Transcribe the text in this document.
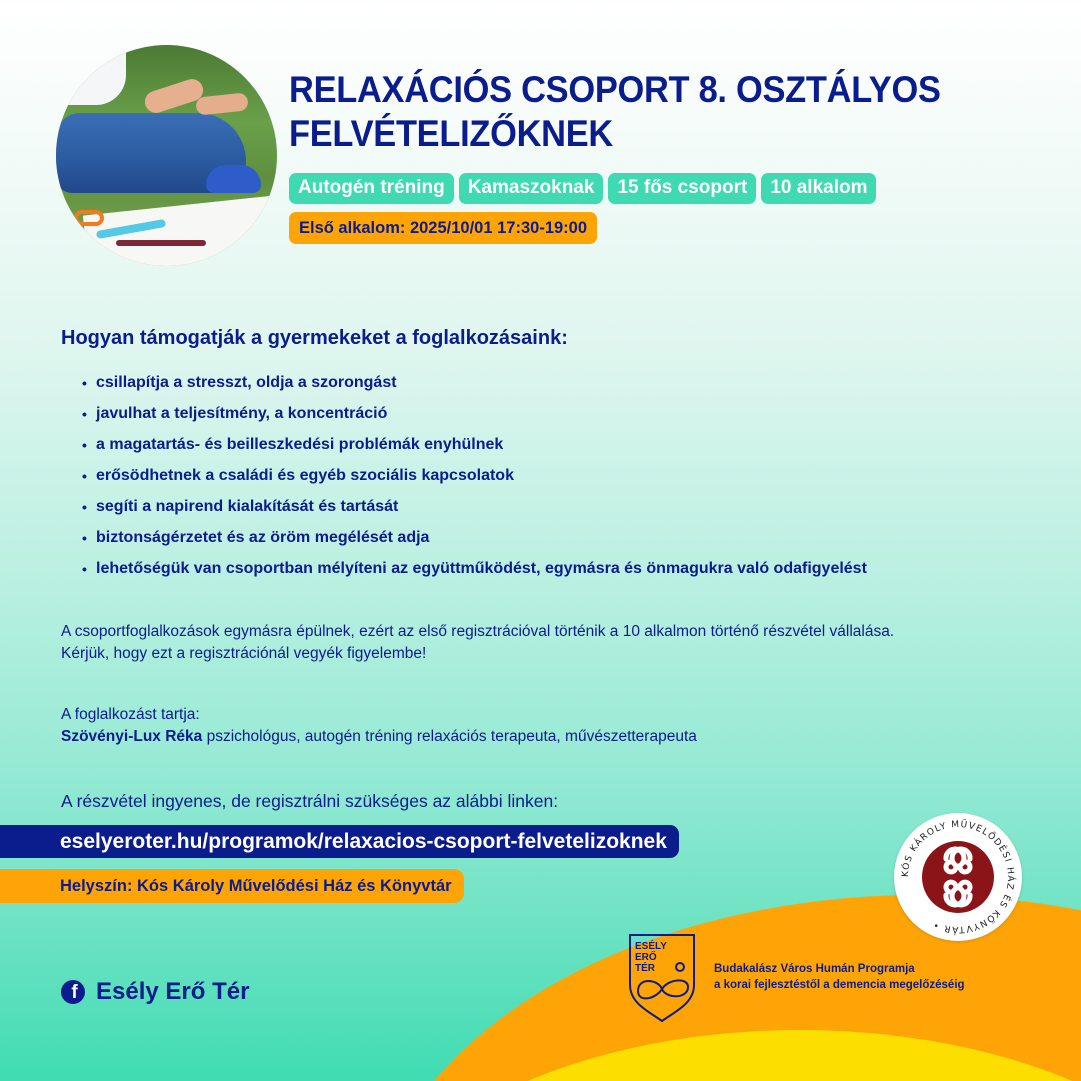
RELAXÁCIÓS CSOPORT 8. OSZTÁLYOS
FELVÉTELIZŐKNEK
Autogén tréning	Kamaszoknak	15 fős csoport	10 alkalom
Első alkalom: 2025/10/01 17:30-19:00
Hogyan támogatják a gyermekeket a foglalkozásaink:
• csillapítja a stresszt, oldja a szorongást
• javulhat a teljesítmény, a koncentráció
• a magatartás- és beilleszkedési problémák enyhülnek
• erősödhetnek a családi és egyéb szociális kapcsolatok
• segíti a napirend kialakítását és tartását
• biztonságérzetet és az öröm megélését adja
• lehetőségük van csoportban mélyíteni az együttműködést, egymásra és önmagukra való odafigyelést
A csoportfoglalkozások egymásra épülnek, ezért az első regisztrációval történik a 10 alkalmon történő részvétel vállalása.
Kérjük, hogy ezt a regisztrációnál vegyék figyelembe!
A foglalkozást tartja:
Szövényi-Lux Réka pszichológus, autogén tréning relaxációs terapeuta, művészetterapeuta
A részvétel ingyenes, de regisztrálni szükséges az alábbi linken:
eselyeroter.hu/programok/relaxacios-csoport-felvetelizoknek
Helyszín: Kós Károly Művelődési Ház és Könyvtár
KÓS KÁROLY MŰVELŐDÉSI HÁZ ÉS KÖNYVTÁR •
ESÉLY
ERŐ
TÉR	Budakalász Város Humán Programja
a korai fejlesztéstől a demencia megelőzéséig
f Esély Erő Tér
